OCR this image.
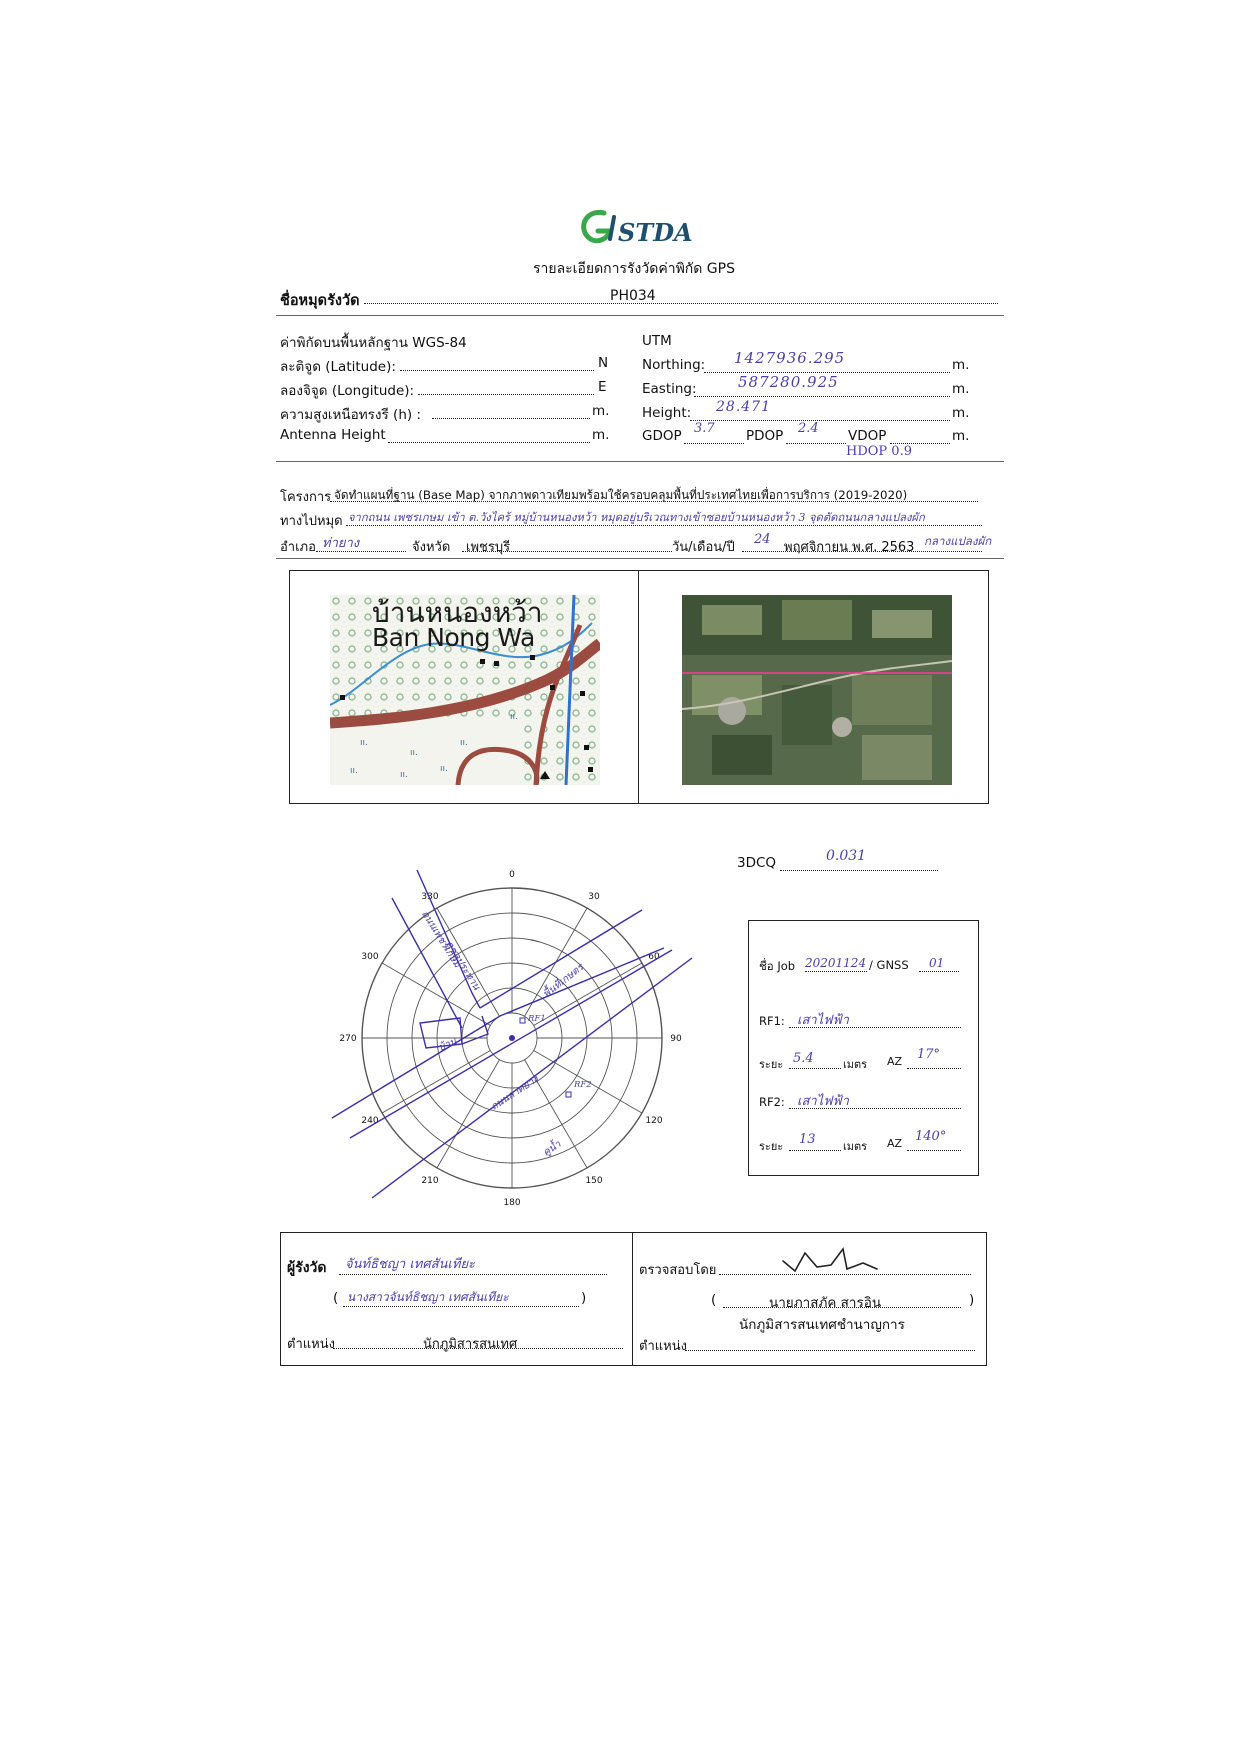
STDA
รายละเอียดการรังวัดค่าพิกัด GPS
ชื่อหมุดรังวัด	PH034
ค่าพิกัดบนพื้นหลักฐาน WGS-84
ละติจูด (Latitude):	N
ลองจิจูด (Longitude):	E
ความสูงเหนือทรงรี (h) :	m.
Antenna Height	m.
UTM
Northing: 1427936.295	m.
Easting:	587280.925	m.
Height: 28.471	m.
GDOP 3.7 PDOP 2.4 VDOP	m.
HDOP 0.9
โครงการ จัดทำแผนที่ฐาน (Base Map) จากภาพดาวเทียมพร้อมใช้ครอบคลุมพื้นที่ประเทศไทยเพื่อการบริการ (2019-2020)
ทางไปหมุด จากถนน เพชรเกษม เข้า ต.วังไคร้ หมู่บ้านหนองหว้า หมุดอยู่บริเวณทางเข้าซอยบ้านหนองหว้า 3 จุดตัดถนนกลางแปลงผัก
อำเภอ ท่ายาง	จังหวัด เพชรบุรี	วัน/เดือน/ปี
24
พฤศจิกายน พ.ศ. 2563 กลางแปลงผัก
ıı.
ıı.
ıı.
ıı.	ıı.
ıı.
ıı.
ıı.
บ้านหนองหว้า
Ban Nong Wa
0
30
60
90
120
150
180
210
240
270
300
330
ถนนเพชรเกษม
คูชลประทาน	พื้นที่เกษตร
บ้าน
ถนนลาดยาง
คูน้ำ
RF1
RF2
3DCQ	0.031
ชื่อ Job 20201124 / GNSS 01
RF1: เสาไฟฟ้า
ระยะ 5.4	เมตร AZ 17°
RF2: เสาไฟฟ้า
ระยะ 13 เมตร AZ 140°
ผู้รังวัด จันท์ธิชญา เทศสันเทียะ
( นางสาวจันท์ธิชญา เทศสันเทียะ	)
ตำแหน่ง	นักภูมิสารสนเทศ
ตรวจสอบโดย
(	นายภาสภัค สารอิน	)
นักภูมิสารสนเทศชำนาญการ
ตำแหน่ง
